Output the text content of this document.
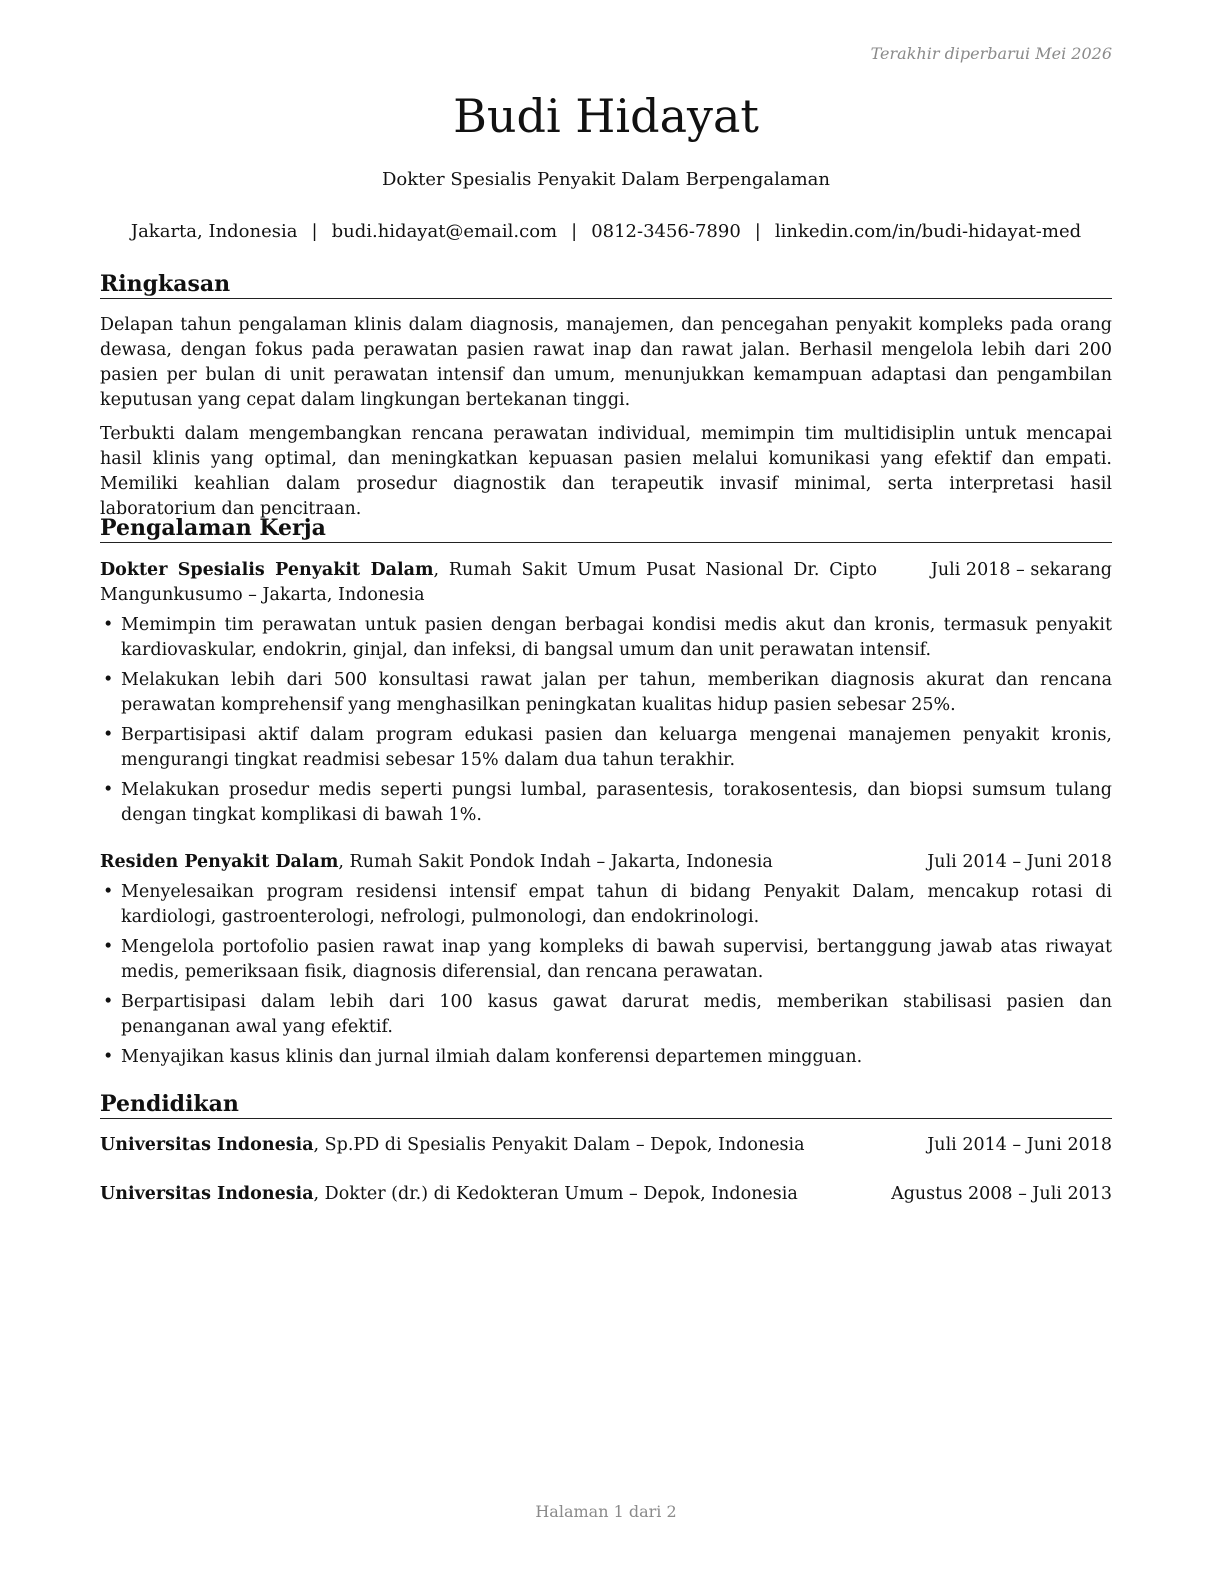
Terakhir diperbarui Mei 2026
Budi Hidayat
Dokter Spesialis Penyakit Dalam Berpengalaman
Jakarta, Indonesia | budi.hidayat@email.com | 0812-3456-7890 | linkedin.com/in/budi-hidayat-med
Ringkasan

Delapan tahun pengalaman klinis dalam diagnosis, manajemen, dan pencegahan penyakit kompleks pada orang dewasa, dengan fokus pada perawatan pasien rawat inap dan rawat jalan. Berhasil mengelola lebih dari 200 pasien per bulan di unit perawatan intensif dan umum, menunjukkan kemampuan adaptasi dan pengambilan keputusan yang cepat dalam lingkungan bertekanan tinggi.

Terbukti dalam mengembangkan rencana perawatan individual, memimpin tim multidisiplin untuk mencapai hasil klinis yang optimal, dan meningkatkan kepuasan pasien melalui komunikasi yang efektif dan empati. Memiliki keahlian dalam prosedur diagnostik dan terapeutik invasif minimal, serta interpretasi hasil laboratorium dan pencitraan.

Pengalaman Kerja
Dokter Spesialis Penyakit Dalam, Rumah Sakit Umum Pusat Nasional Dr. Cipto Mangunkusumo – Jakarta, Indonesia
Juli 2018 – sekarang
• Memimpin tim perawatan untuk pasien dengan berbagai kondisi medis akut dan kronis, termasuk penyakit kardiovaskular, endokrin, ginjal, dan infeksi, di bangsal umum dan unit perawatan intensif.
• Melakukan lebih dari 500 konsultasi rawat jalan per tahun, memberikan diagnosis akurat dan rencana perawatan komprehensif yang menghasilkan peningkatan kualitas hidup pasien sebesar 25%.
• Berpartisipasi aktif dalam program edukasi pasien dan keluarga mengenai manajemen penyakit kronis, mengurangi tingkat readmisi sebesar 15% dalam dua tahun terakhir.
• Melakukan prosedur medis seperti pungsi lumbal, parasentesis, torakosentesis, dan biopsi sumsum tulang dengan tingkat komplikasi di bawah 1%.
Residen Penyakit Dalam, Rumah Sakit Pondok Indah – Jakarta, Indonesia	Juli 2014 – Juni 2018
• Menyelesaikan program residensi intensif empat tahun di bidang Penyakit Dalam, mencakup rotasi di kardiologi, gastroenterologi, nefrologi, pulmonologi, dan endokrinologi.
• Mengelola portofolio pasien rawat inap yang kompleks di bawah supervisi, bertanggung jawab atas riwayat medis, pemeriksaan fisik, diagnosis diferensial, dan rencana perawatan.
• Berpartisipasi dalam lebih dari 100 kasus gawat darurat medis, memberikan stabilisasi pasien dan penanganan awal yang efektif.
• Menyajikan kasus klinis dan jurnal ilmiah dalam konferensi departemen mingguan.
Pendidikan
Universitas Indonesia, Sp.PD di Spesialis Penyakit Dalam – Depok, Indonesia	Juli 2014 – Juni 2018
Universitas Indonesia, Dokter (dr.) di Kedokteran Umum – Depok, Indonesia	Agustus 2008 – Juli 2013
Halaman 1 dari 2
